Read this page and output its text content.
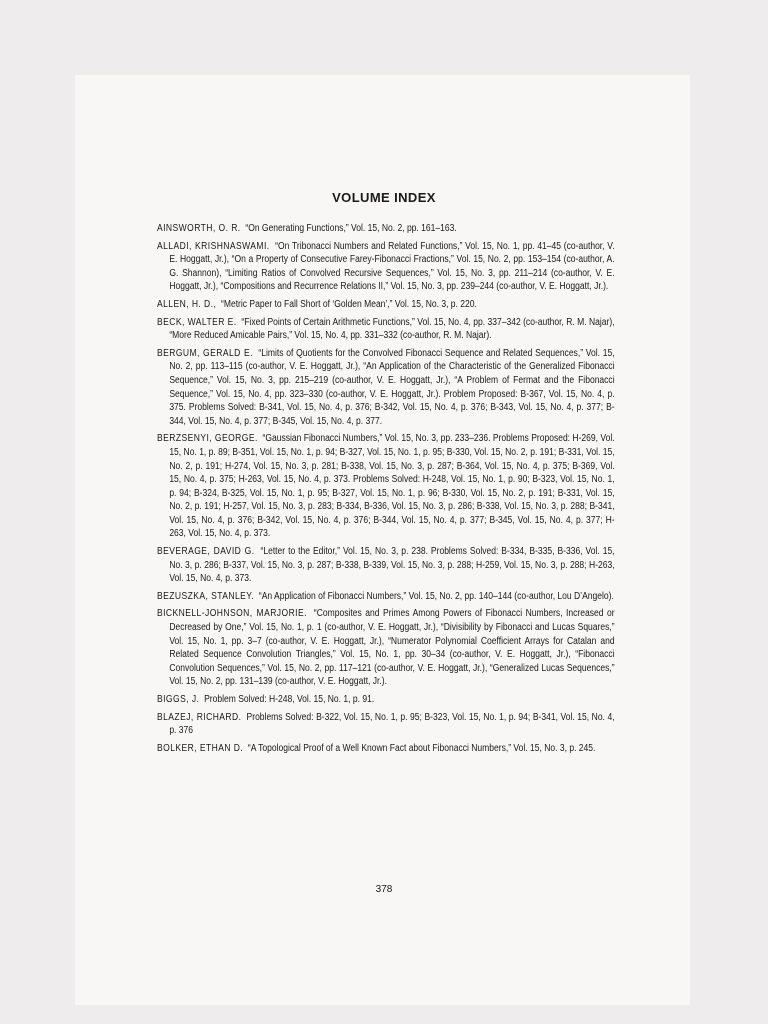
VOLUME INDEX
AINSWORTH, O. R. “On Generating Functions,” Vol. 15, No. 2, pp. 161–163.
ALLADI, KRISHNASWAMI. “On Tribonacci Numbers and Related Functions,” Vol. 15, No. 1, pp. 41–45 (co-author, V. E. Hoggatt, Jr.), “On a Property of Consecutive Farey-Fibonacci Fractions,” Vol. 15, No. 2, pp. 153–154 (co-author, A. G. Shannon), “Limiting Ratios of Convolved Recursive Sequences,” Vol. 15, No. 3, pp. 211–214 (co-author, V. E. Hoggatt, Jr.), “Compositions and Recurrence Relations II,” Vol. 15, No. 3, pp. 239–244 (co-author, V. E. Hoggatt, Jr.).
ALLEN, H. D., “Metric Paper to Fall Short of ‘Golden Mean’,” Vol. 15, No. 3, p. 220.
BECK, WALTER E. “Fixed Points of Certain Arithmetic Functions,” Vol. 15, No. 4, pp. 337–342 (co-author, R. M. Najar), “More Reduced Amicable Pairs,” Vol. 15, No. 4, pp. 331–332 (co-author, R. M. Najar).
BERGUM, GERALD E. “Limits of Quotients for the Convolved Fibonacci Sequence and Related Sequences,” Vol. 15, No. 2, pp. 113–115 (co-author, V. E. Hoggatt, Jr.), “An Application of the Characteristic of the Generalized Fibonacci Sequence,” Vol. 15, No. 3, pp. 215–219 (co-author, V. E. Hoggatt, Jr.), “A Problem of Fermat and the Fibonacci Sequence,” Vol. 15, No. 4, pp. 323–330 (co-author, V. E. Hoggatt, Jr.). Problem Proposed: B-367, Vol. 15, No. 4, p. 375. Problems Solved: B-341, Vol. 15, No. 4, p. 376; B-342, Vol. 15, No. 4, p. 376; B-343, Vol. 15, No. 4, p. 377; B-344, Vol. 15, No. 4, p. 377; B-345, Vol. 15, No. 4, p. 377.
BERZSENYI, GEORGE. “Gaussian Fibonacci Numbers,” Vol. 15, No. 3, pp. 233–236. Problems Proposed: H-269, Vol. 15, No. 1, p. 89; B-351, Vol. 15, No. 1, p. 94; B-327, Vol. 15, No. 1, p. 95; B-330, Vol. 15, No. 2, p. 191; B-331, Vol. 15, No. 2, p. 191; H-274, Vol. 15, No. 3, p. 281; B-338, Vol. 15, No. 3, p. 287; B-364, Vol. 15, No. 4, p. 375; B-369, Vol. 15, No. 4, p. 375; H-263, Vol. 15, No. 4, p. 373. Problems Solved: H-248, Vol. 15, No. 1, p. 90; B-323, Vol. 15, No. 1, p. 94; B-324, B-325, Vol. 15, No. 1, p. 95; B-327, Vol. 15, No. 1, p. 96; B-330, Vol. 15, No. 2, p. 191; B-331, Vol. 15, No. 2, p. 191; H-257, Vol. 15, No. 3, p. 283; B-334, B-336, Vol. 15, No. 3, p. 286; B-338, Vol. 15, No. 3, p. 288; B-341, Vol. 15, No. 4, p. 376; B-342, Vol. 15, No. 4, p. 376; B-344, Vol. 15, No. 4, p. 377; B-345, Vol. 15, No. 4, p. 377; H-263, Vol. 15, No. 4, p. 373.
BEVERAGE, DAVID G. “Letter to the Editor,” Vol. 15, No. 3, p. 238. Problems Solved: B-334, B-335, B-336, Vol. 15, No. 3, p. 286; B-337, Vol. 15, No. 3, p. 287; B-338, B-339, Vol. 15, No. 3, p. 288; H-259, Vol. 15, No. 3, p. 288; H-263, Vol. 15, No. 4, p. 373.
BEZUSZKA, STANLEY. “An Application of Fibonacci Numbers,” Vol. 15, No. 2, pp. 140–144 (co-author, Lou D’Angelo).
BICKNELL-JOHNSON, MARJORIE. “Composites and Primes Among Powers of Fibonacci Numbers, Increased or Decreased by One,” Vol. 15, No. 1, p. 1 (co-author, V. E. Hoggatt, Jr.), “Divisibility by Fibonacci and Lucas Squares,” Vol. 15, No. 1, pp. 3–7 (co-author, V. E. Hoggatt, Jr.), “Numerator Polynomial Coefficient Arrays for Catalan and Related Sequence Convolution Triangles,” Vol. 15, No. 1, pp. 30–34 (co-author, V. E. Hoggatt, Jr.), “Fibonacci Convolution Sequences,” Vol. 15, No. 2, pp. 117–121 (co-author, V. E. Hoggatt, Jr.), “Generalized Lucas Sequences,” Vol. 15, No. 2, pp. 131–139 (co-author, V. E. Hoggatt, Jr.).
BIGGS, J. Problem Solved: H-248, Vol. 15, No. 1, p. 91.
BLAZEJ, RICHARD. Problems Solved: B-322, Vol. 15, No. 1, p. 95; B-323, Vol. 15, No. 1, p. 94; B-341, Vol. 15, No. 4, p. 376
BOLKER, ETHAN D. “A Topological Proof of a Well Known Fact about Fibonacci Numbers,” Vol. 15, No. 3, p. 245.
378
